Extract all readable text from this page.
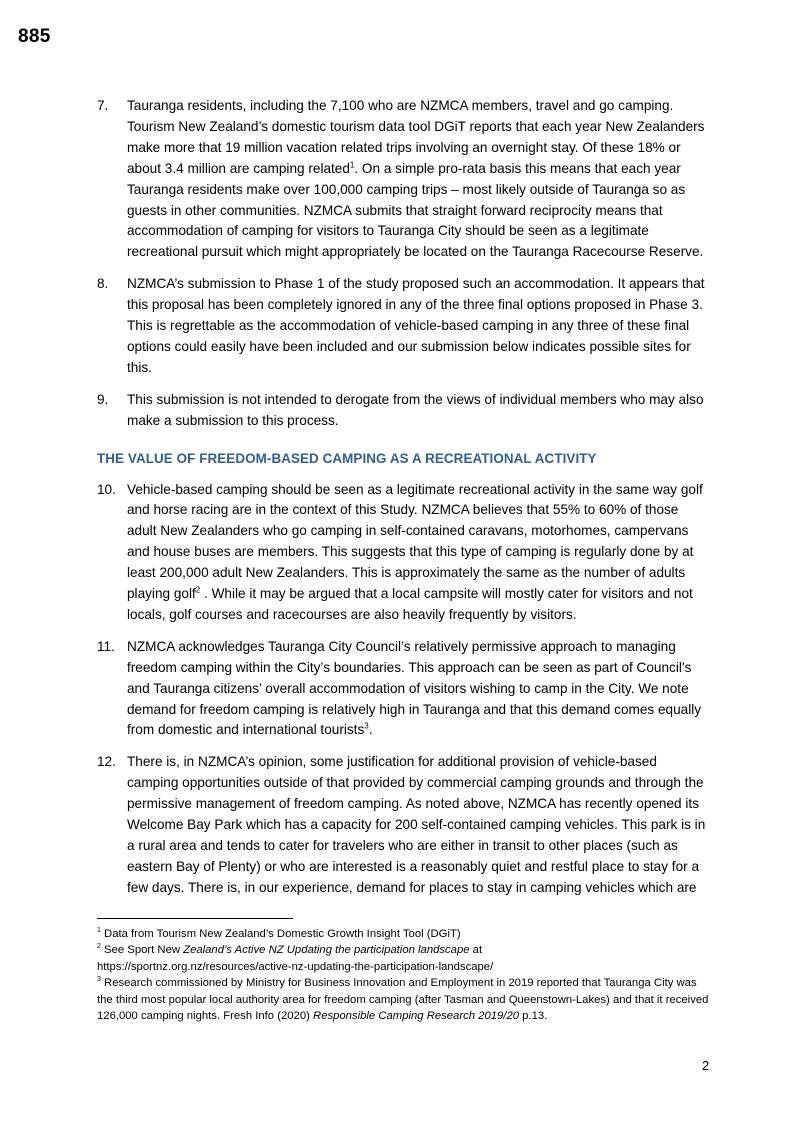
885
7. Tauranga residents, including the 7,100 who are NZMCA members, travel and go camping. Tourism New Zealand’s domestic tourism data tool DGiT reports that each year New Zealanders make more that 19 million vacation related trips involving an overnight stay. Of these 18% or about 3.4 million are camping related$^1$. On a simple pro-rata basis this means that each year Tauranga residents make over 100,000 camping trips – most likely outside of Tauranga so as guests in other communities. NZMCA submits that straight forward reciprocity means that accommodation of camping for visitors to Tauranga City should be seen as a legitimate recreational pursuit which might appropriately be located on the Tauranga Racecourse Reserve.
8. NZMCA’s submission to Phase 1 of the study proposed such an accommodation. It appears that this proposal has been completely ignored in any of the three final options proposed in Phase 3. This is regrettable as the accommodation of vehicle-based camping in any three of these final options could easily have been included and our submission below indicates possible sites for this.
9. This submission is not intended to derogate from the views of individual members who may also make a submission to this process.
THE VALUE OF FREEDOM-BASED CAMPING AS A RECREATIONAL ACTIVITY
10. Vehicle-based camping should be seen as a legitimate recreational activity in the same way golf and horse racing are in the context of this Study. NZMCA believes that 55% to 60% of those adult New Zealanders who go camping in self-contained caravans, motorhomes, campervans and house buses are members. This suggests that this type of camping is regularly done by at least 200,000 adult New Zealanders. This is approximately the same as the number of adults playing golf$^2$ . While it may be argued that a local campsite will mostly cater for visitors and not locals, golf courses and racecourses are also heavily frequently by visitors.
11. NZMCA acknowledges Tauranga City Council’s relatively permissive approach to managing freedom camping within the City’s boundaries. This approach can be seen as part of Council’s and Tauranga citizens’ overall accommodation of visitors wishing to camp in the City. We note demand for freedom camping is relatively high in Tauranga and that this demand comes equally from domestic and international tourists$^3$.
12. There is, in NZMCA’s opinion, some justification for additional provision of vehicle-based camping opportunities outside of that provided by commercial camping grounds and through the permissive management of freedom camping. As noted above, NZMCA has recently opened its Welcome Bay Park which has a capacity for 200 self-contained camping vehicles. This park is in a rural area and tends to cater for travelers who are either in transit to other places (such as eastern Bay of Plenty) or who are interested is a reasonably quiet and restful place to stay for a few days. There is, in our experience, demand for places to stay in camping vehicles which are

$^1$ Data from Tourism New Zealand’s Domestic Growth Insight Tool (DGiT)

$^2$ See Sport New Zealand’s Active NZ Updating the participation landscape at
https://sportnz.org.nz/resources/active-nz-updating-the-participation-landscape/

$^3$ Research commissioned by Ministry for Business Innovation and Employment in 2019 reported that Tauranga City was the third most popular local authority area for freedom camping (after Tasman and Queenstown-Lakes) and that it received 126,000 camping nights. Fresh Info (2020) Responsible Camping Research 2019/20 p.13.

2
